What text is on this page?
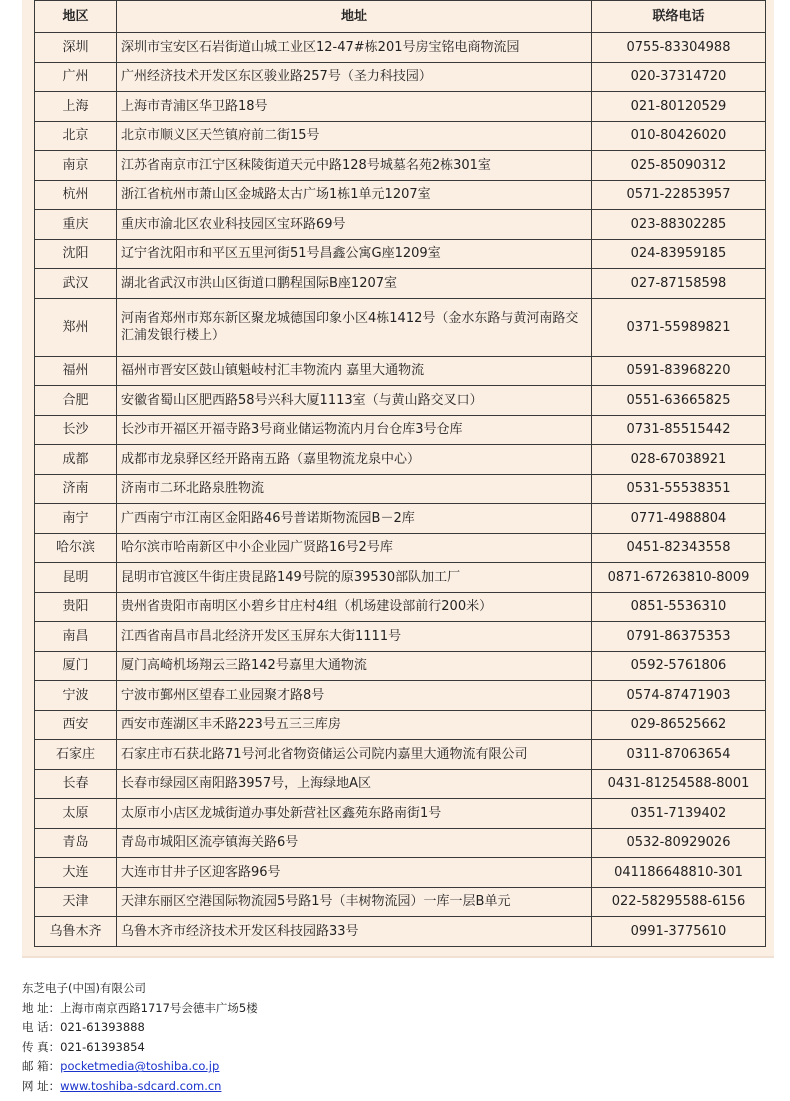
地区	地址	联络电话
深圳	深圳市宝安区石岩街道山城工业区12-47#栋201号房宝铭电商物流园	0755-83304988
广州	广州经济技术开发区东区骏业路257号（圣力科技园）	020-37314720
上海	上海市青浦区华卫路18号	021-80120529
北京	北京市顺义区天竺镇府前二街15号	010-80426020
南京	江苏省南京市江宁区秣陵街道天元中路128号城墓名苑2栋301室	025-85090312
杭州	浙江省杭州市萧山区金城路太古广场1栋1单元1207室	0571-22853957
重庆	重庆市渝北区农业科技园区宝环路69号	023-88302285
沈阳	辽宁省沈阳市和平区五里河街51号昌鑫公寓G座1209室	024-83959185
武汉	湖北省武汉市洪山区街道口鹏程国际B座1207室	027-87158598
郑州	河南省郑州市郑东新区聚龙城德国印象小区4栋1412号（金水东路与黄河南路交汇浦发银行楼上）	0371-55989821
福州	福州市晋安区鼓山镇魁岐村汇丰物流内 嘉里大通物流	0591-83968220
合肥	安徽省蜀山区肥西路58号兴科大厦1113室（与黄山路交叉口）	0551-63665825
长沙	长沙市开福区开福寺路3号商业储运物流内月台仓库3号仓库	0731-85515442
成都	成都市龙泉驿区经开路南五路（嘉里物流龙泉中心）	028-67038921
济南	济南市二环北路泉胜物流	0531-55538351
南宁	广西南宁市江南区金阳路46号普诺斯物流园B－2库	0771-4988804
哈尔滨	哈尔滨市哈南新区中小企业园广贤路16号2号库	0451-82343558
昆明	昆明市官渡区牛街庄贵昆路149号院的原39530部队加工厂	0871-67263810-8009
贵阳	贵州省贵阳市南明区小碧乡甘庄村4组（机场建设部前行200米）	0851-5536310
南昌	江西省南昌市昌北经济开发区玉屏东大街1111号	0791-86375353
厦门	厦门高崎机场翔云三路142号嘉里大通物流	0592-5761806
宁波	宁波市鄞州区望春工业园聚才路8号	0574-87471903
西安	西安市莲湖区丰禾路223号五三三库房	029-86525662
石家庄	石家庄市石获北路71号河北省物资储运公司院内嘉里大通物流有限公司	0311-87063654
长春	长春市绿园区南阳路3957号，上海绿地A区	0431-81254588-8001
太原	太原市小店区龙城街道办事处新营社区鑫苑东路南街1号	0351-7139402
青岛	青岛市城阳区流亭镇海关路6号	0532-80929026
大连	大连市甘井子区迎客路96号	041186648810-301
天津	天津东丽区空港国际物流园5号路1号（丰树物流园）一库一层B单元	022-58295588-6156
乌鲁木齐	乌鲁木齐市经济技术开发区科技园路33号	0991-3775610
东芝电子(中国)有限公司
地 址：上海市南京西路1717号会德丰广场5楼
电 话：021-61393888
传 真：021-61393854
邮 箱：pocketmedia@toshiba.co.jp
网 址：www.toshiba-sdcard.com.cn
